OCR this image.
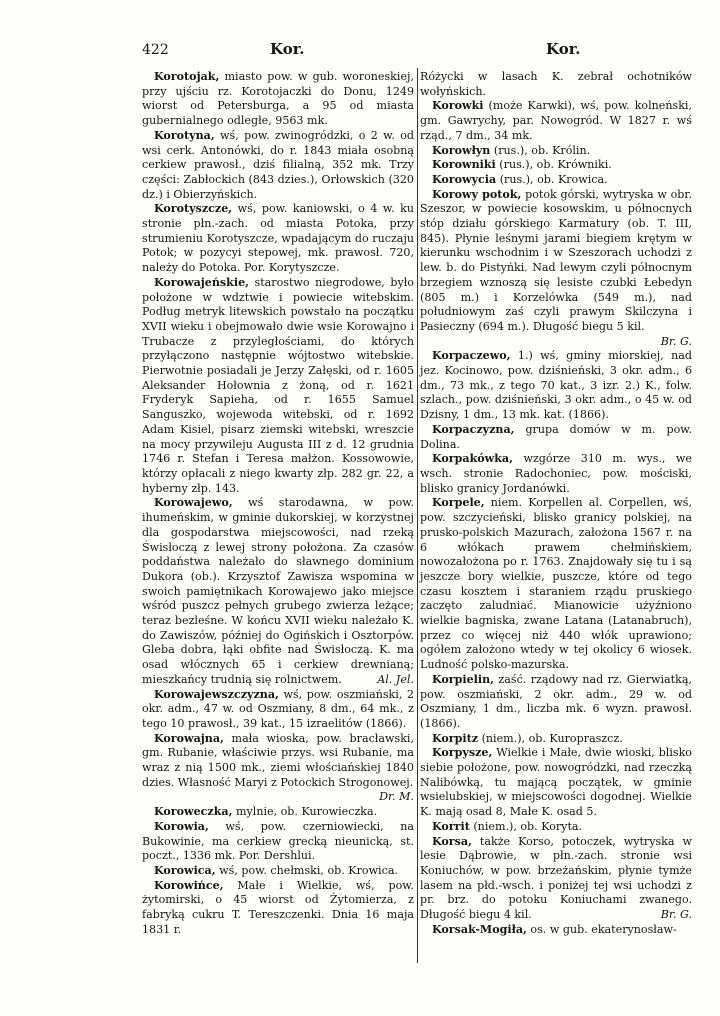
422	Kor.	Kor.

Korotojak, miasto pow. w gub. woroneskiej, przy ujściu rz. Korotojaczki do Donu, 1249 wiorst od Petersburga, a 95 od miasta gubernialnego odległe, 9563 mk.

Korotyna, wś, pow. zwinogródzki, o 2 w. od wsi cerk. Antonówki, do r. 1843 miała osobną cerkiew prawosł., dziś filialną, 352 mk. Trzy części: Zabłockich (843 dzies.), Orłowskich (320 dz.) i Obierzyńskich.

Korotyszcze, wś, pow. kaniowski, o 4 w. ku stronie płn.-zach. od miasta Potoka, przy strumieniu Korotyszcze, wpadającym do ruczaju Potok; w pozycyi stepowej, mk. prawosł. 720, należy do Potoka. Por. Korytyszcze.

Korowajeńskie, starostwo niegrodowe, było położone w wdztwie i powiecie witebskim. Podług metryk litewskich powstało na początku XVII wieku i obejmowało dwie wsie Korowajno i Trubacze z przyległościami, do których przyłączono następnie wójtostwo witebskie. Pierwotnie posiadali je Jerzy Załęski, od r. 1605 Aleksander Hołownia z żoną, od r. 1621 Fryderyk Sapieha, od r. 1655 Samuel Sanguszko, wojewoda witebski, od r. 1692 Adam Kisiel, pisarz ziemski witebski, wreszcie na mocy przywileju Augusta III z d. 12 grudnia 1746 r. Stefan i Teresa małżon. Kossowowie, którzy opłacali z niego kwarty złp. 282 gr. 22, a hyberny złp. 143.

Korowajewo, wś starodawna, w pow. ihumeńskim, w gminie dukorskiej, w korzystnej dla gospodarstwa miejscowości, nad rzeką Świsłoczą z lewej strony położona. Za czasów poddaństwa należało do sławnego dominium Dukora (ob.). Krzysztof Zawisza wspomina w swoich pamiętnikach Korowajewo jako miejsce wśród puszcz pełnych grubego zwierza leżące; teraz bezleśne. W końcu XVII wieku należało K. do Zawiszów, później do Ogińskich i Osztorpów. Gleba dobra, łąki obfite nad Świsłoczą. K. ma osad włócznych 65 i cerkiew drewnianą; mieszkańcy trudnią się rolnictwem.	Al. Jel.

Korowajewszczyzna, wś, pow. oszmiański, 2 okr. adm., 47 w. od Oszmiany, 8 dm., 64 mk., z tego 10 prawosł., 39 kat., 15 izraelitów (1866).

Korowajna, mała wioska, pow. bracławski, gm. Rubanie, właściwie przys. wsi Rubanie, ma wraz z nią 1500 mk., ziemi włościańskiej 1840 dzies. Własność Maryi z Potockich Strogonowej.
Dr. M.

Koroweczka, mylnie, ob. Kurowieczka.

Korowia, wś, pow. czerniowiecki, na Bukowinie, ma cerkiew grecką nieunicką, st. poczt., 1336 mk. Por. Dershlui.

Korowica, wś, pow. chełmski, ob. Krowica.

Korowińce, Małe i Wielkie, wś, pow. żytomirski, o 45 wiorst od Żytomierza, z fabryką cukru T. Tereszczenki. Dnia 16 maja 1831 r.

Różycki w lasach K. zebrał ochotników wołyńskich.

Korowki (może Karwki), wś, pow. kolneński, gm. Gawrychy, par. Nowogród. W 1827 r. wś rząd., 7 dm., 34 mk.

Korowłyn (rus.), ob. Królin.

Korowniki (rus.), ob. Krówniki.

Korowycia (rus.), ob. Krowica.

Korowy potok, potok górski, wytryska w obr. Szeszor, w powiecie kosowskim, u północnych stóp działu górskiego Karmatury (ob. T. III, 845). Płynie leśnymi jarami biegiem krętym w kierunku wschodnim i w Szeszorach uchodzi z lew. b. do Pistyńki. Nad lewym czyli północnym brzegiem wznoszą się lesiste czubki Łebedyn (805 m.) i Korzelówka (549 m.), nad południowym zaś czyli prawym Skilczyna i Pasieczny (694 m.). Długość biegu 5 kil.
Br. G.

Korpaczewo, 1.) wś, gminy miorskiej, nad jez. Kocinowo, pow. dziśnieński, 3 okr. adm., 6 dm., 73 mk., z tego 70 kat., 3 izr. 2.) K., folw. szlach., pow. dziśnieński, 3 okr. adm., o 45 w. od Dzisny, 1 dm., 13 mk. kat. (1866).

Korpaczyzna, grupa domów w m. pow. Dolina.

Korpakówka, wzgórze 310 m. wys., we wsch. stronie Radochoniec, pow. mościski, blisko granicy Jordanówki.

Korpele, niem. Korpellen al. Corpellen, wś, pow. szczycieński, blisko granicy polskiej, na prusko-polskich Mazurach, założona 1567 r. na 6 włókach prawem chełmińskiem, nowozałożona po r. 1763. Znajdowały się tu i są jeszcze bory wielkie, puszcze, które od tego czasu kosztem i staraniem rządu pruskiego zaczęto zaludniać. Mianowicie użyźniono wielkie bagniska, zwane Latana (Latanabruch), przez co więcej niż 440 włók uprawiono; ogółem założono wtedy w tej okolicy 6 wiosek. Ludność polsko-mazurska.

Korpielin, zaść. rządowy nad rz. Gierwiatką, pow. oszmiański, 2 okr. adm., 29 w. od Oszmiany, 1 dm., liczba mk. 6 wyzn. prawosł. (1866).

Korpitz (niem.), ob. Kuropraszcz.

Korpysze, Wielkie i Małe, dwie wioski, blisko siebie położone, pow. nowogródzki, nad rzeczką Nalibówką, tu mającą początek, w gminie wsielubskiej, w miejscowości dogodnej. Wielkie K. mają osad 8, Małe K. osad 5.

Korrit (niem.), ob. Koryta.

Korsa, także Korso, potoczek, wytryska w lesie Dąbrowie, w płn.-zach. stronie wsi Koniuchów, w pow. brzeżańskim, płynie tymże lasem na płd.-wsch. i poniżej tej wsi uchodzi z pr. brz. do potoku Koniuchami zwanego. Długość biegu 4 kil.	Br. G.

Korsak-Mogiła, os. w gub. ekaterynosław-
